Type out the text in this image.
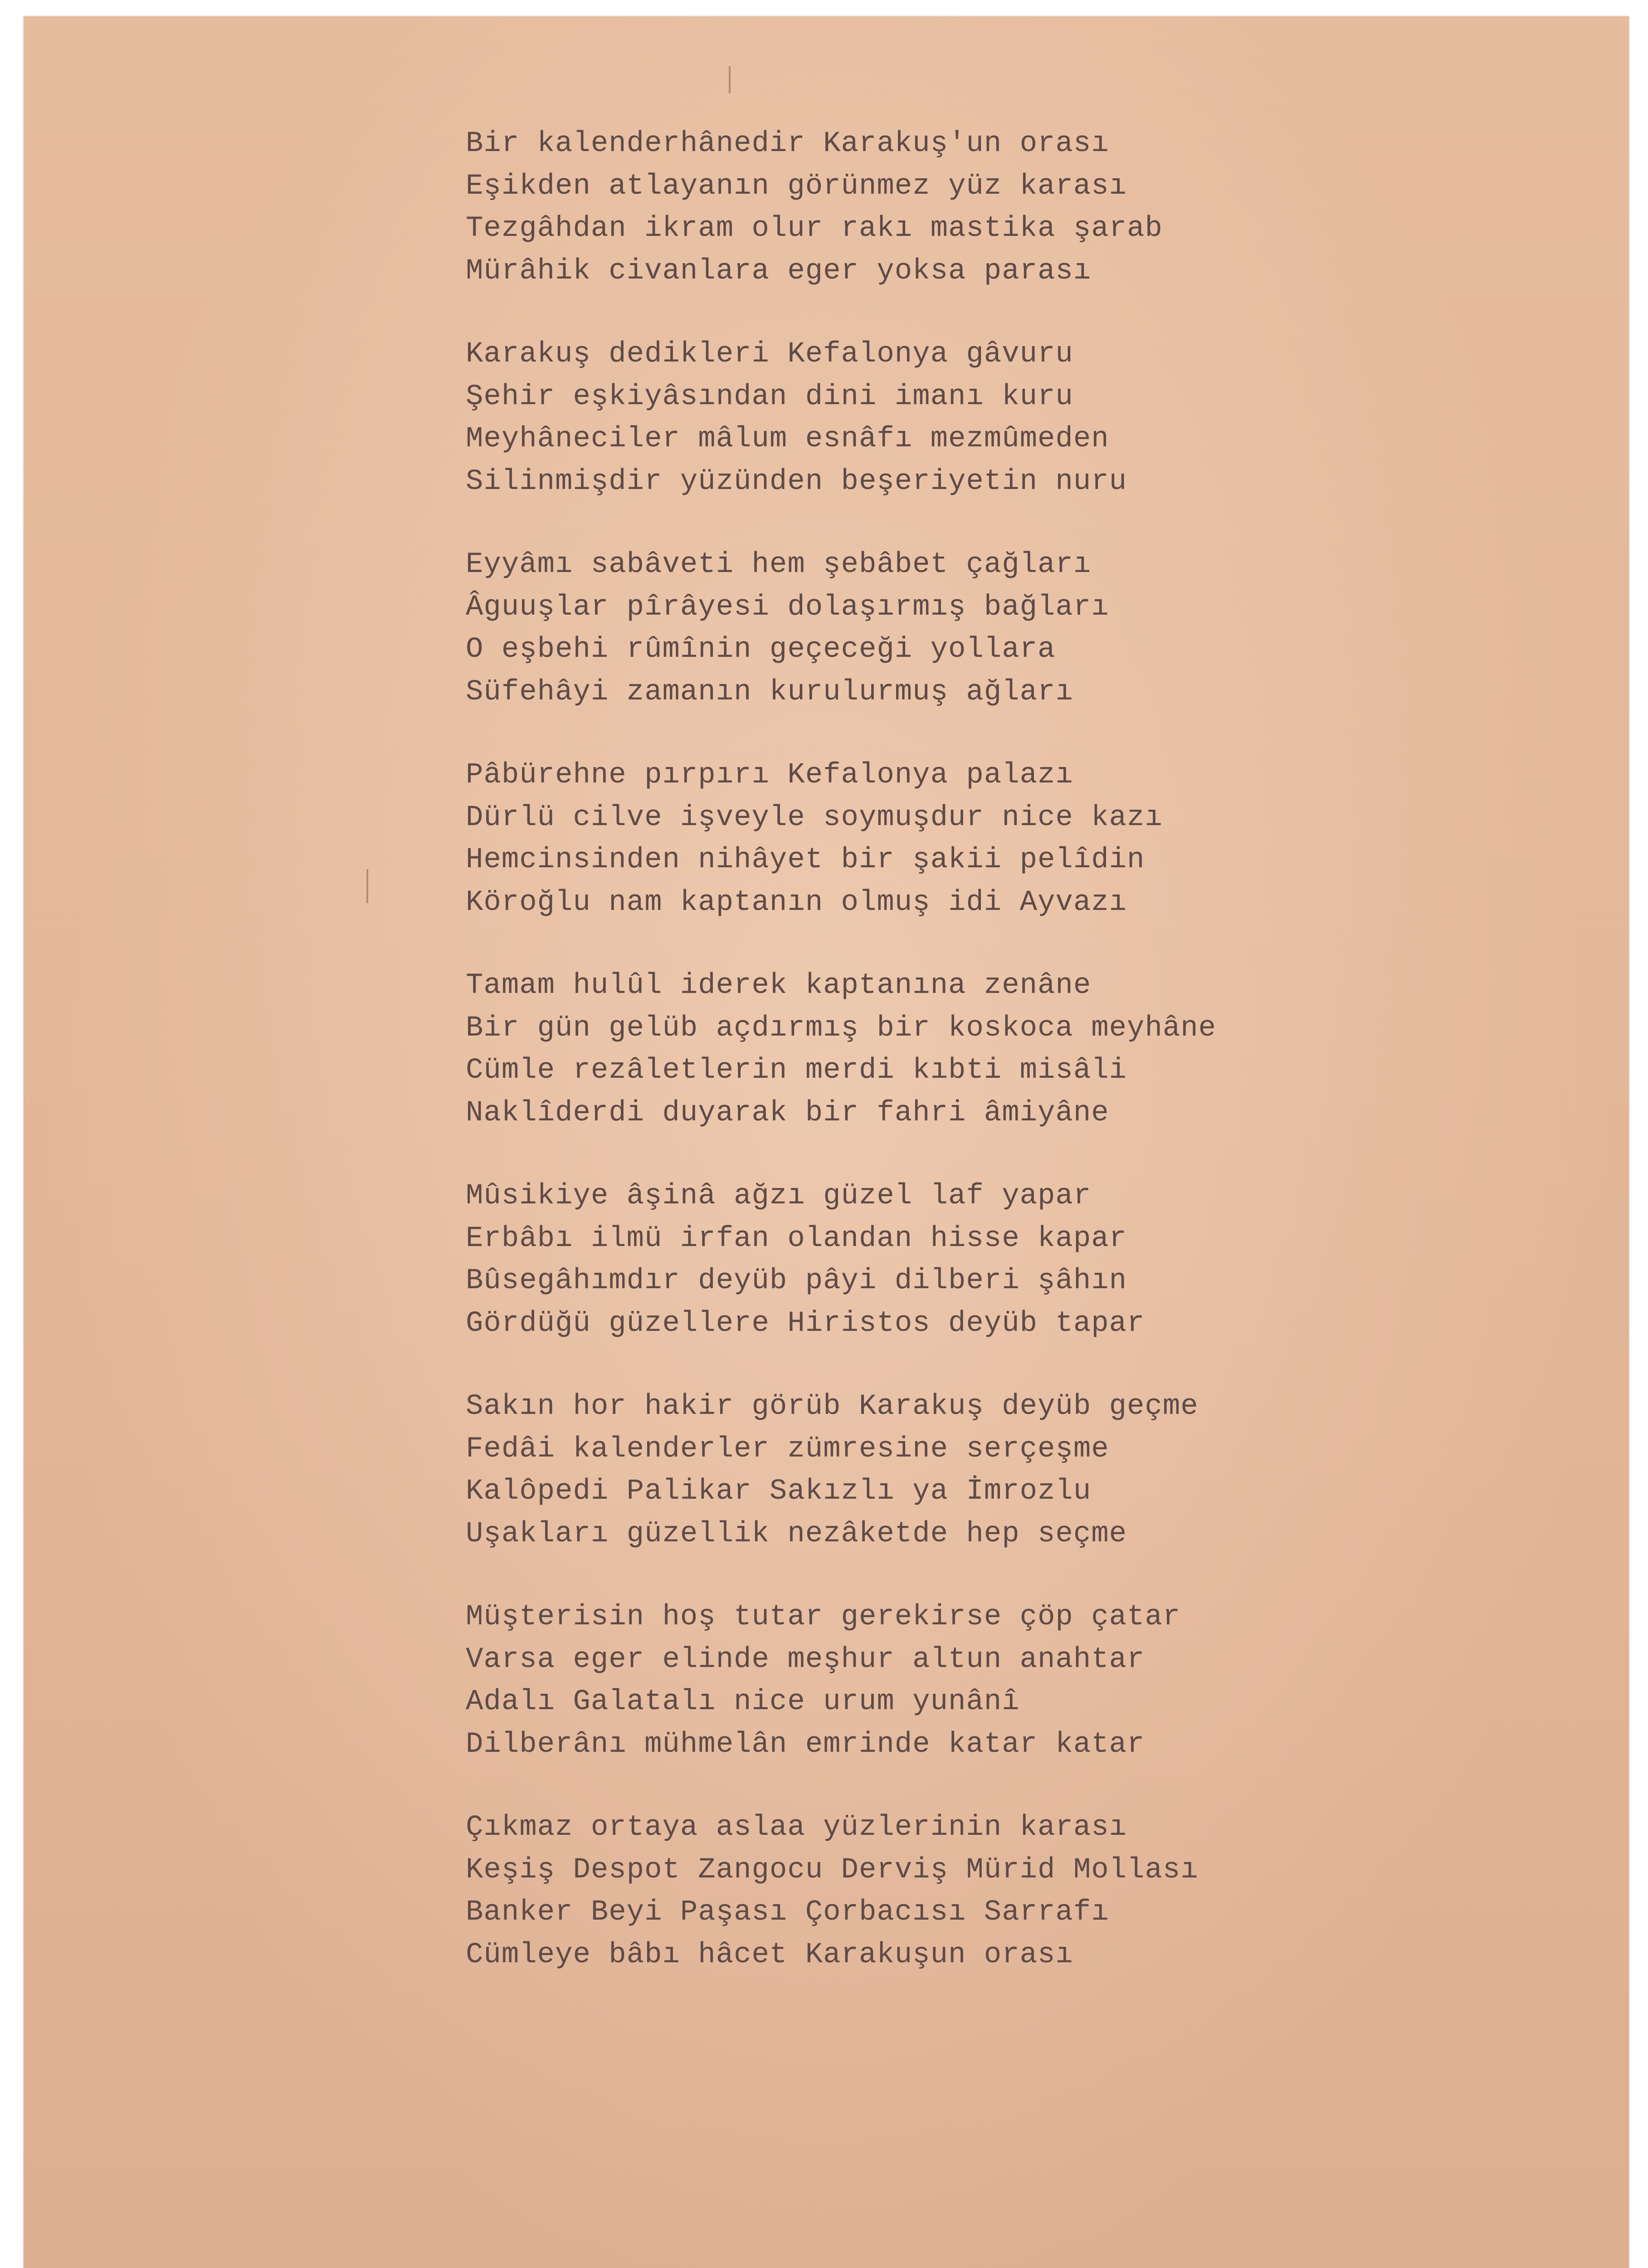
Bir kalenderhânedir Karakuş'un orası
Eşikden atlayanın görünmez yüz karası
Tezgâhdan ikram olur rakı mastika şarab
Mürâhik civanlara eger yoksa parası
Karakuş dedikleri Kefalonya gâvuru
Şehir eşkiyâsından dini imanı kuru
Meyhâneciler mâlum esnâfı mezmûmeden
Silinmişdir yüzünden beşeriyetin nuru
Eyyâmı sabâveti hem şebâbet çağları
Âguuşlar pîrâyesi dolaşırmış bağları
O eşbehi rûmînin geçeceği yollara
Süfehâyi zamanın kurulurmuş ağları
Pâbürehne pırpırı Kefalonya palazı
Dürlü cilve işveyle soymuşdur nice kazı
Hemcinsinden nihâyet bir şakii pelîdin
Köroğlu nam kaptanın olmuş idi Ayvazı
Tamam hulûl iderek kaptanına zenâne
Bir gün gelüb açdırmış bir koskoca meyhâne
Cümle rezâletlerin merdi kıbti misâli
Naklîderdi duyarak bir fahri âmiyâne
Mûsikiye âşinâ ağzı güzel laf yapar
Erbâbı ilmü irfan olandan hisse kapar
Bûsegâhımdır deyüb pâyi dilberi şâhın
Gördüğü güzellere Hiristos deyüb tapar
Sakın hor hakir görüb Karakuş deyüb geçme
Fedâi kalenderler zümresine serçeşme
Kalôpedi Palikar Sakızlı ya İmrozlu
Uşakları güzellik nezâketde hep seçme
Müşterisin hoş tutar gerekirse çöp çatar
Varsa eger elinde meşhur altun anahtar
Adalı Galatalı nice urum yunânî
Dilberânı mühmelân emrinde katar katar
Çıkmaz ortaya aslaa yüzlerinin karası
Keşiş Despot Zangocu Derviş Mürid Mollası
Banker Beyi Paşası Çorbacısı Sarrafı
Cümleye bâbı hâcet Karakuşun orası
